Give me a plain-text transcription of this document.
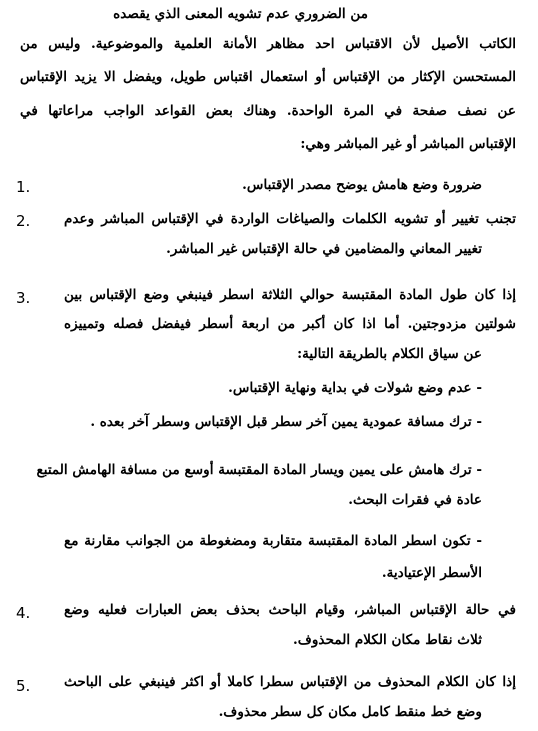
من الضروري عدم تشويه المعنى الذي يقصده
الكاتب الأصيل لأن الاقتباس احد مظاهر الأمانة العلمية والموضوعية. وليس من
المستحسن الإكثار من الإقتباس أو استعمال اقتباس طويل، ويفضل الا يزيد الإقتباس
عن نصف صفحة في المرة الواحدة. وهناك بعض القواعد الواجب مراعاتها في
الإقتباس المباشر أو غير المباشر وهي:
1.	ضرورة وضع هامش يوضح مصدر الإقتباس.
2.	تجنب تغيير أو تشويه الكلمات والصياغات الواردة في الإقتباس المباشر وعدم
تغيير المعاني والمضامين في حالة الإقتباس غير المباشر.
3.	إذا كان طول المادة المقتبسة حوالي الثلاثة اسطر فينبغي وضع الإقتباس بين
شولتين مزدوجتين. أما اذا كان أكبر من اربعة أسطر فيفضل فصله وتمييزه
عن سياق الكلام بالطريقة التالية:
- عدم وضع شولات في بداية ونهاية الإقتباس.
- ترك مسافة عمودية يمين آخر سطر قبل الإقتباس وسطر آخر بعده .
- ترك هامش على يمين ويسار المادة المقتبسة أوسع من مسافة الهامش المتبع
عادة في فقرات البحث.
- تكون اسطر المادة المقتبسة متقاربة ومضغوطة من الجوانب مقارنة مع
الأسطر الإعتيادية.
4.	في حالة الإقتباس المباشر، وقيام الباحث بحذف بعض العبارات فعليه وضع
ثلاث نقاط مكان الكلام المحذوف.
5.	إذا كان الكلام المحذوف من الإقتباس سطرا كاملا أو اكثر فينبغي على الباحث
وضع خط منقط كامل مكان كل سطر محذوف.
